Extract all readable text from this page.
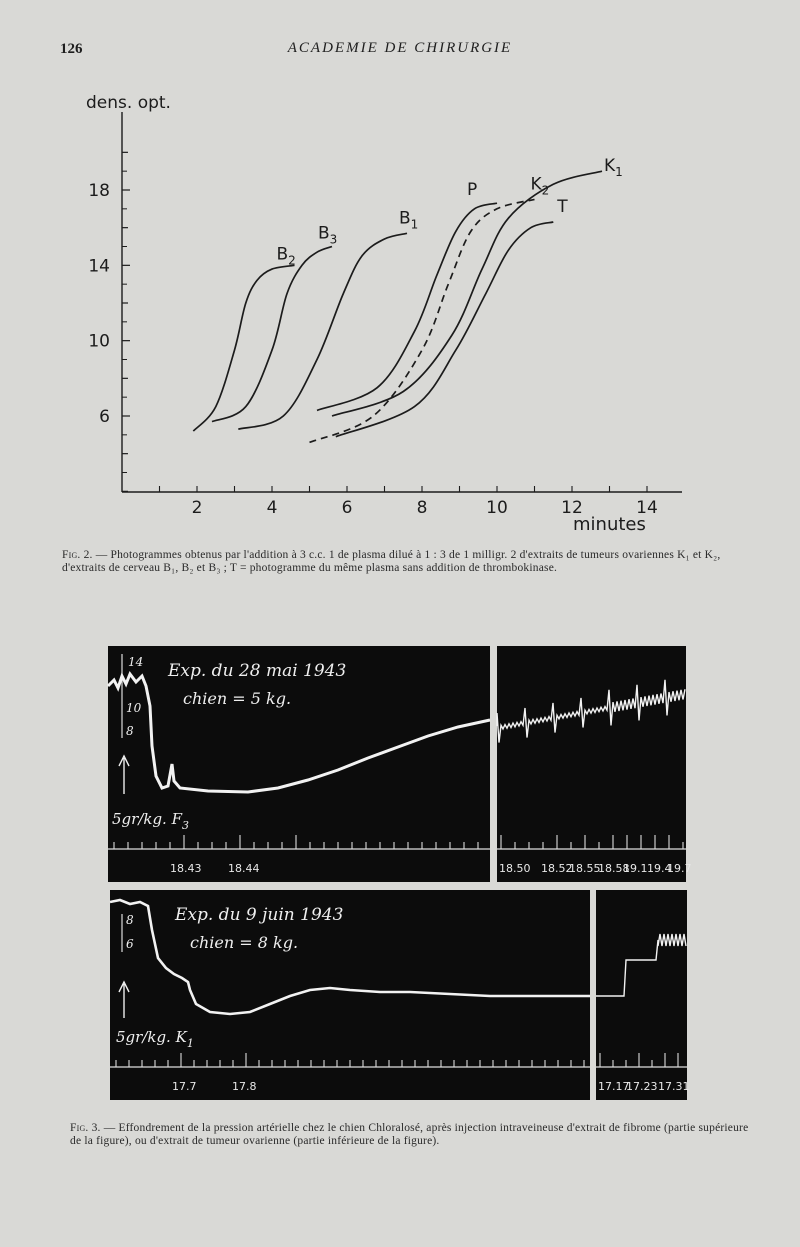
126	ACADEMIE DE CHIRURGIE
6
10
14
18
2	4	6	8	10	12	14
dens. opt.
minutes
$B_2$
$B_3$
$B_1$
P	$K_2$
$K_1$
T
Fig. 2. — Photogrammes obtenus par l'addition à 3 c.c. 1 de plasma dilué à 1 : 3 de 1 milligr. 2 d'extraits de tumeurs ovariennes K₁ et K₂, d'extraits de cerveau B₁, B₂ et B₃ ; T = photogramme du même plasma sans addition de thrombokinase.
Exp. du 28 mai 1943
chien = 5 kg.
14
10
8
5gr/kg. $F_3$
18.43 18.44	18.50 18.52
18.55
18.58
19.1 19.4
19.7
Exp. du 9 juin 1943
chien = 8 kg.
8
6
5gr/kg. $K_1$
17.7	17.8	17.17
17.23 17.31
Fig. 3. — Effondrement de la pression artérielle chez le chien Chloralosé, après injection intraveineuse d'extrait de fibrome (partie supérieure de la figure), ou d'extrait de tumeur ovarienne (partie inférieure de la figure).
